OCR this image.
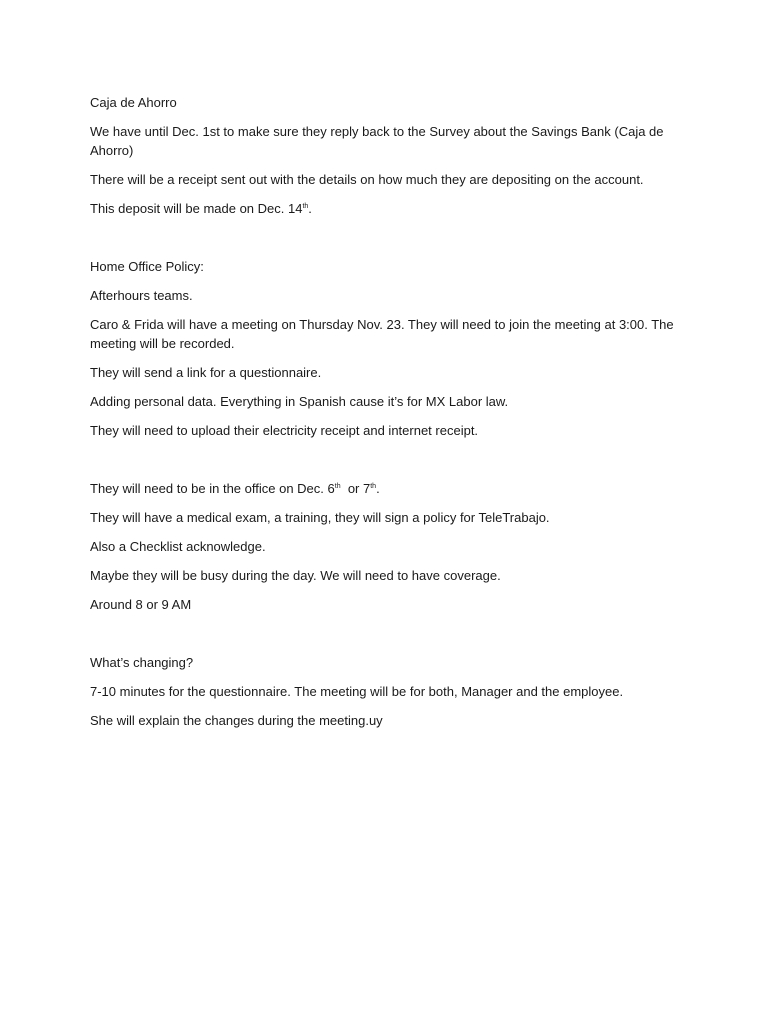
Caja de Ahorro

We have until Dec. 1st to make sure they reply back to the Survey about the Savings Bank (Caja de Ahorro)

There will be a receipt sent out with the details on how much they are depositing on the account.

This deposit will be made on Dec. 14th.

Home Office Policy:

Afterhours teams.

Caro & Frida will have a meeting on Thursday Nov. 23. They will need to join the meeting at 3:00. The meeting will be recorded.

They will send a link for a questionnaire.

Adding personal data. Everything in Spanish cause it’s for MX Labor law.

They will need to upload their electricity receipt and internet receipt.

They will need to be in the office on Dec. 6th  or 7th.

They will have a medical exam, a training, they will sign a policy for TeleTrabajo.

Also a Checklist acknowledge.

Maybe they will be busy during the day. We will need to have coverage.

Around 8 or 9 AM

What’s changing?

7-10 minutes for the questionnaire. The meeting will be for both, Manager and the employee.

She will explain the changes during the meeting.uy
